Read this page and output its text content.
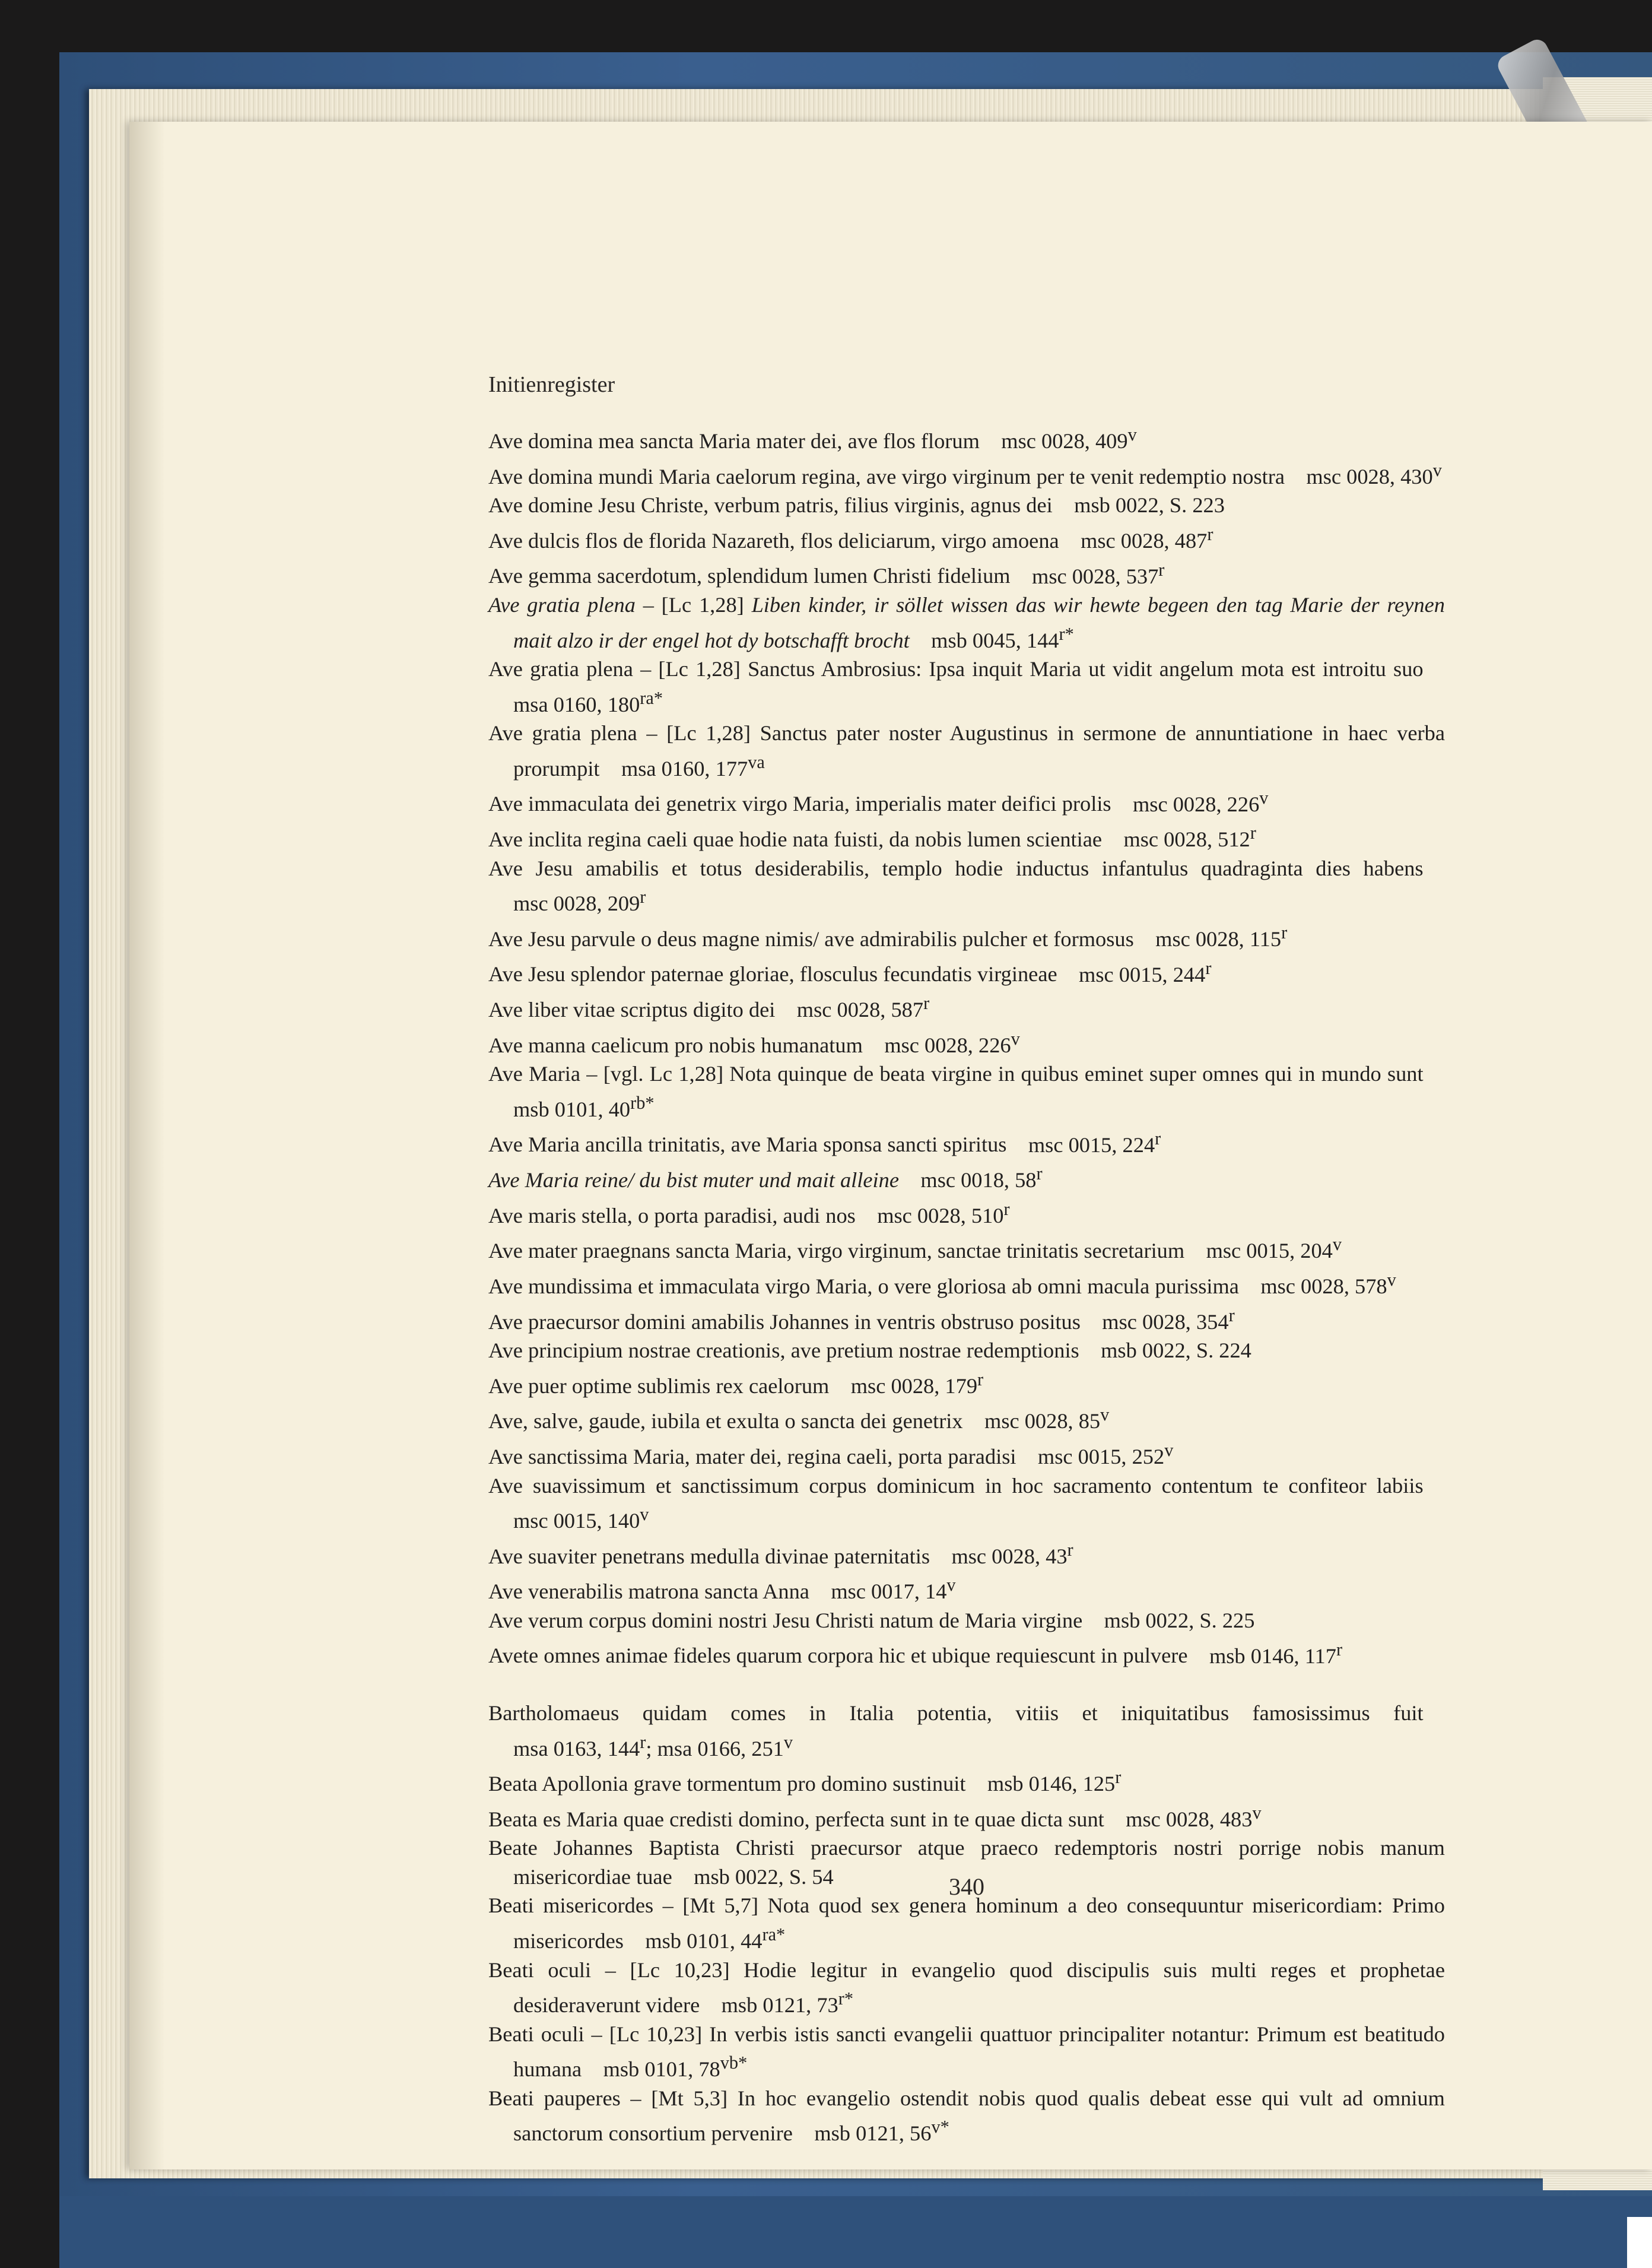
Initienregister
Ave domina mea sancta Maria mater dei, ave flos florum  msc 0028, 409$^v$
Ave domina mundi Maria caelorum regina, ave virgo virginum per te venit redemptio nostra  msc 0028, 430$^v$
Ave domine Jesu Christe, verbum patris, filius virginis, agnus dei  msb 0022, S. 223
Ave dulcis flos de florida Nazareth, flos deliciarum, virgo amoena  msc 0028, 487$^r$
Ave gemma sacerdotum, splendidum lumen Christi fidelium  msc 0028, 537$^r$
Ave gratia plena – [Lc 1,28] Liben kinder, ir söllet wissen das wir hewte begeen den tag Marie der reynen mait alzo ir der engel hot dy botschafft brocht  msb 0045, $144^{r*}$
Ave gratia plena – [Lc 1,28] Sanctus Ambrosius: Ipsa inquit Maria ut vidit angelum mota est introitu suo msa 0160, $180^{ra*}$
Ave gratia plena – [Lc 1,28] Sanctus pater noster Augustinus in sermone de annuntiatione in haec verba prorumpit  msa 0160, $177^{va}$
Ave immaculata dei genetrix virgo Maria, imperialis mater deifici prolis  msc 0028, 226$^v$
Ave inclita regina caeli quae hodie nata fuisti, da nobis lumen scientiae  msc 0028, 512$^r$
Ave Jesu amabilis et totus desiderabilis, templo hodie inductus infantulus quadraginta dies habens msc 0028, 209$^r$
Ave Jesu parvule o deus magne nimis/ ave admirabilis pulcher et formosus  msc 0028, 115$^r$
Ave Jesu splendor paternae gloriae, flosculus fecundatis virgineae  msc 0015, 244$^r$
Ave liber vitae scriptus digito dei  msc 0028, 587$^r$
Ave manna caelicum pro nobis humanatum  msc 0028, 226$^v$
Ave Maria – [vgl. Lc 1,28] Nota quinque de beata virgine in quibus eminet super omnes qui in mundo sunt msb 0101, $40^{rb*}$
Ave Maria ancilla trinitatis, ave Maria sponsa sancti spiritus  msc 0015, 224$^r$
Ave Maria reine/ du bist muter und mait alleine  msc 0018, 58$^r$
Ave maris stella, o porta paradisi, audi nos  msc 0028, 510$^r$
Ave mater praegnans sancta Maria, virgo virginum, sanctae trinitatis secretarium  msc 0015, 204$^v$
Ave mundissima et immaculata virgo Maria, o vere gloriosa ab omni macula purissima  msc 0028, 578$^v$
Ave praecursor domini amabilis Johannes in ventris obstruso positus  msc 0028, 354$^r$
Ave principium nostrae creationis, ave pretium nostrae redemptionis  msb 0022, S. 224
Ave puer optime sublimis rex caelorum  msc 0028, 179$^r$
Ave, salve, gaude, iubila et exulta o sancta dei genetrix  msc 0028, 85$^v$
Ave sanctissima Maria, mater dei, regina caeli, porta paradisi  msc 0015, 252$^v$
Ave suavissimum et sanctissimum corpus dominicum in hoc sacramento contentum te confiteor labiis msc 0015, 140$^v$
Ave suaviter penetrans medulla divinae paternitatis  msc 0028, 43$^r$
Ave venerabilis matrona sancta Anna  msc 0017, 14$^v$
Ave verum corpus domini nostri Jesu Christi natum de Maria virgine  msb 0022, S. 225
Avete omnes animae fideles quarum corpora hic et ubique requiescunt in pulvere  msb 0146, 117$^r$
Bartholomaeus quidam comes in Italia potentia, vitiis et iniquitatibus famosissimus fuit msa 0163, 144$^r$; msa 0166, 251$^v$
Beata Apollonia grave tormentum pro domino sustinuit  msb 0146, 125$^r$
Beata es Maria quae credisti domino, perfecta sunt in te quae dicta sunt  msc 0028, 483$^v$
Beate Johannes Baptista Christi praecursor atque praeco redemptoris nostri porrige nobis manum misericordiae tuae  msb 0022, S. 54
Beati misericordes – [Mt 5,7] Nota quod sex genera hominum a deo consequuntur misericordiam: Primo misericordes  msb 0101, $44^{ra*}$
Beati oculi – [Lc 10,23] Hodie legitur in evangelio quod discipulis suis multi reges et prophetae desideraverunt videre  msb 0121, $73^{r*}$
Beati oculi – [Lc 10,23] In verbis istis sancti evangelii quattuor principaliter notantur: Primum est beatitudo humana  msb 0101, $78^{vb*}$
Beati pauperes – [Mt 5,3] In hoc evangelio ostendit nobis quod qualis debeat esse qui vult ad omnium sanctorum consortium pervenire  msb 0121, $56^{v*}$
340
